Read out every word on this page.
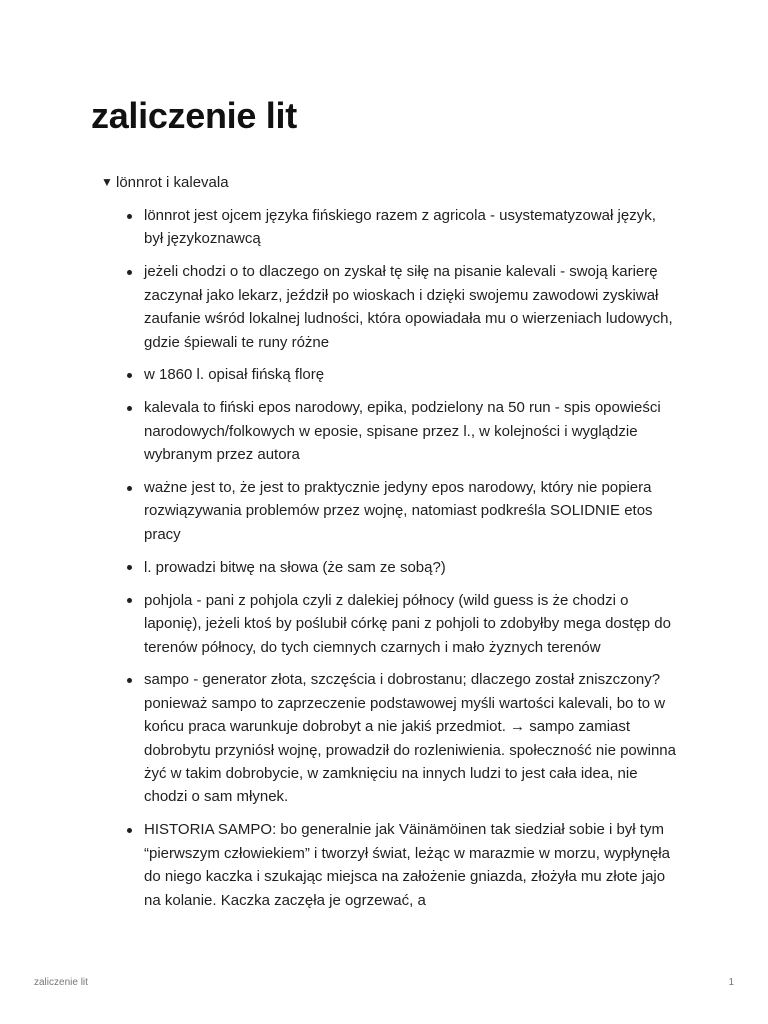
zaliczenie lit
▼ lönnrot i kalevala
lönnrot jest ojcem języka fińskiego razem z agricola - usystematyzował język, był językoznawcą
jeżeli chodzi o to dlaczego on zyskał tę siłę na pisanie kalevali - swoją karierę zaczynał jako lekarz, jeździł po wioskach i dzięki swojemu zawodowi zyskiwał zaufanie wśród lokalnej ludności, która opowiadała mu o wierzeniach ludowych, gdzie śpiewali te runy różne
w 1860 l. opisał fińską florę
kalevala to fiński epos narodowy, epika, podzielony na 50 run - spis opowieści narodowych/folkowych w eposie, spisane przez l., w kolejności i wyglądzie wybranym przez autora
ważne jest to, że jest to praktycznie jedyny epos narodowy, który nie popiera rozwiązywania problemów przez wojnę, natomiast podkreśla SOLIDNIE etos pracy
l. prowadzi bitwę na słowa (że sam ze sobą?)
pohjola - pani z pohjola czyli z dalekiej północy (wild guess is że chodzi o laponię), jeżeli ktoś by poślubił córkę pani z pohjoli to zdobyłby mega dostęp do terenów północy, do tych ciemnych czarnych i mało żyznych terenów
sampo - generator złota, szczęścia i dobrostanu; dlaczego został zniszczony? ponieważ sampo to zaprzeczenie podstawowej myśli wartości kalevali, bo to w końcu praca warunkuje dobrobyt a nie jakiś przedmiot. → sampo zamiast dobrobytu przyniósł wojnę, prowadził do rozleniwienia. społeczność nie powinna żyć w takim dobrobycie, w zamknięciu na innych ludzi to jest cała idea, nie chodzi o sam młynek.
HISTORIA SAMPO: bo generalnie jak Väinämöinen tak siedział sobie i był tym “pierwszym człowiekiem” i tworzył świat, leżąc w marazmie w morzu, wypłynęła do niego kaczka i szukając miejsca na założenie gniazda, złożyła mu złote jajo na kolanie. Kaczka zaczęła je ogrzewać, a
zaliczenie lit	1
